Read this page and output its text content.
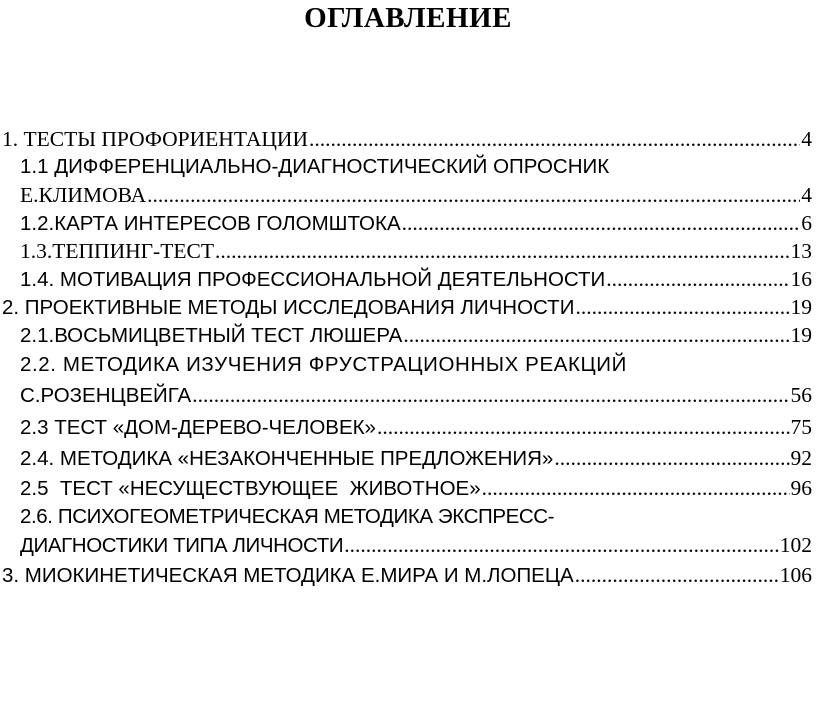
ОГЛАВЛЕНИЕ
1. ТЕСТЫ ПРОФОРИЕНТАЦИИ .....	4
1.1 ДИФФЕРЕНЦИАЛЬНО-ДИАГНОСТИЧЕСКИЙ ОПРОСНИК
Е.КЛИМОВА .....	4
1.2.КАРТА ИНТЕРЕСОВ ГОЛОМШТОКА .....	6
1.3.ТЕППИНГ-ТЕСТ .....	13
1.4. МОТИВАЦИЯ ПРОФЕССИОНАЛЬНОЙ ДЕЯТЕЛЬНОСТИ .....	16
2. ПРОЕКТИВНЫЕ МЕТОДЫ ИССЛЕДОВАНИЯ ЛИЧНОСТИ .....	19
2.1.ВОСЬМИЦВЕТНЫЙ ТЕСТ ЛЮШЕРА .....	19
2.2. МЕТОДИКА ИЗУЧЕНИЯ ФРУСТРАЦИОННЫХ РЕАКЦИЙ
С.РОЗЕНЦВЕЙГА .....	56
2.3 ТЕСТ «ДОМ-ДЕРЕВО-ЧЕЛОВЕК» .....	75
2.4. МЕТОДИКА «НЕЗАКОНЧЕННЫЕ ПРЕДЛОЖЕНИЯ» .....	92
2.5  ТЕСТ «НЕСУЩЕСТВУЮЩЕЕ  ЖИВОТНОЕ» .....	96
2.6. ПСИХОГЕОМЕТРИЧЕСКАЯ МЕТОДИКА ЭКСПРЕСС-
ДИАГНОСТИКИ ТИПА ЛИЧНОСТИ .....	102
3. МИОКИНЕТИЧЕСКАЯ МЕТОДИКА Е.МИРА И М.ЛОПЕЦА .....	106
